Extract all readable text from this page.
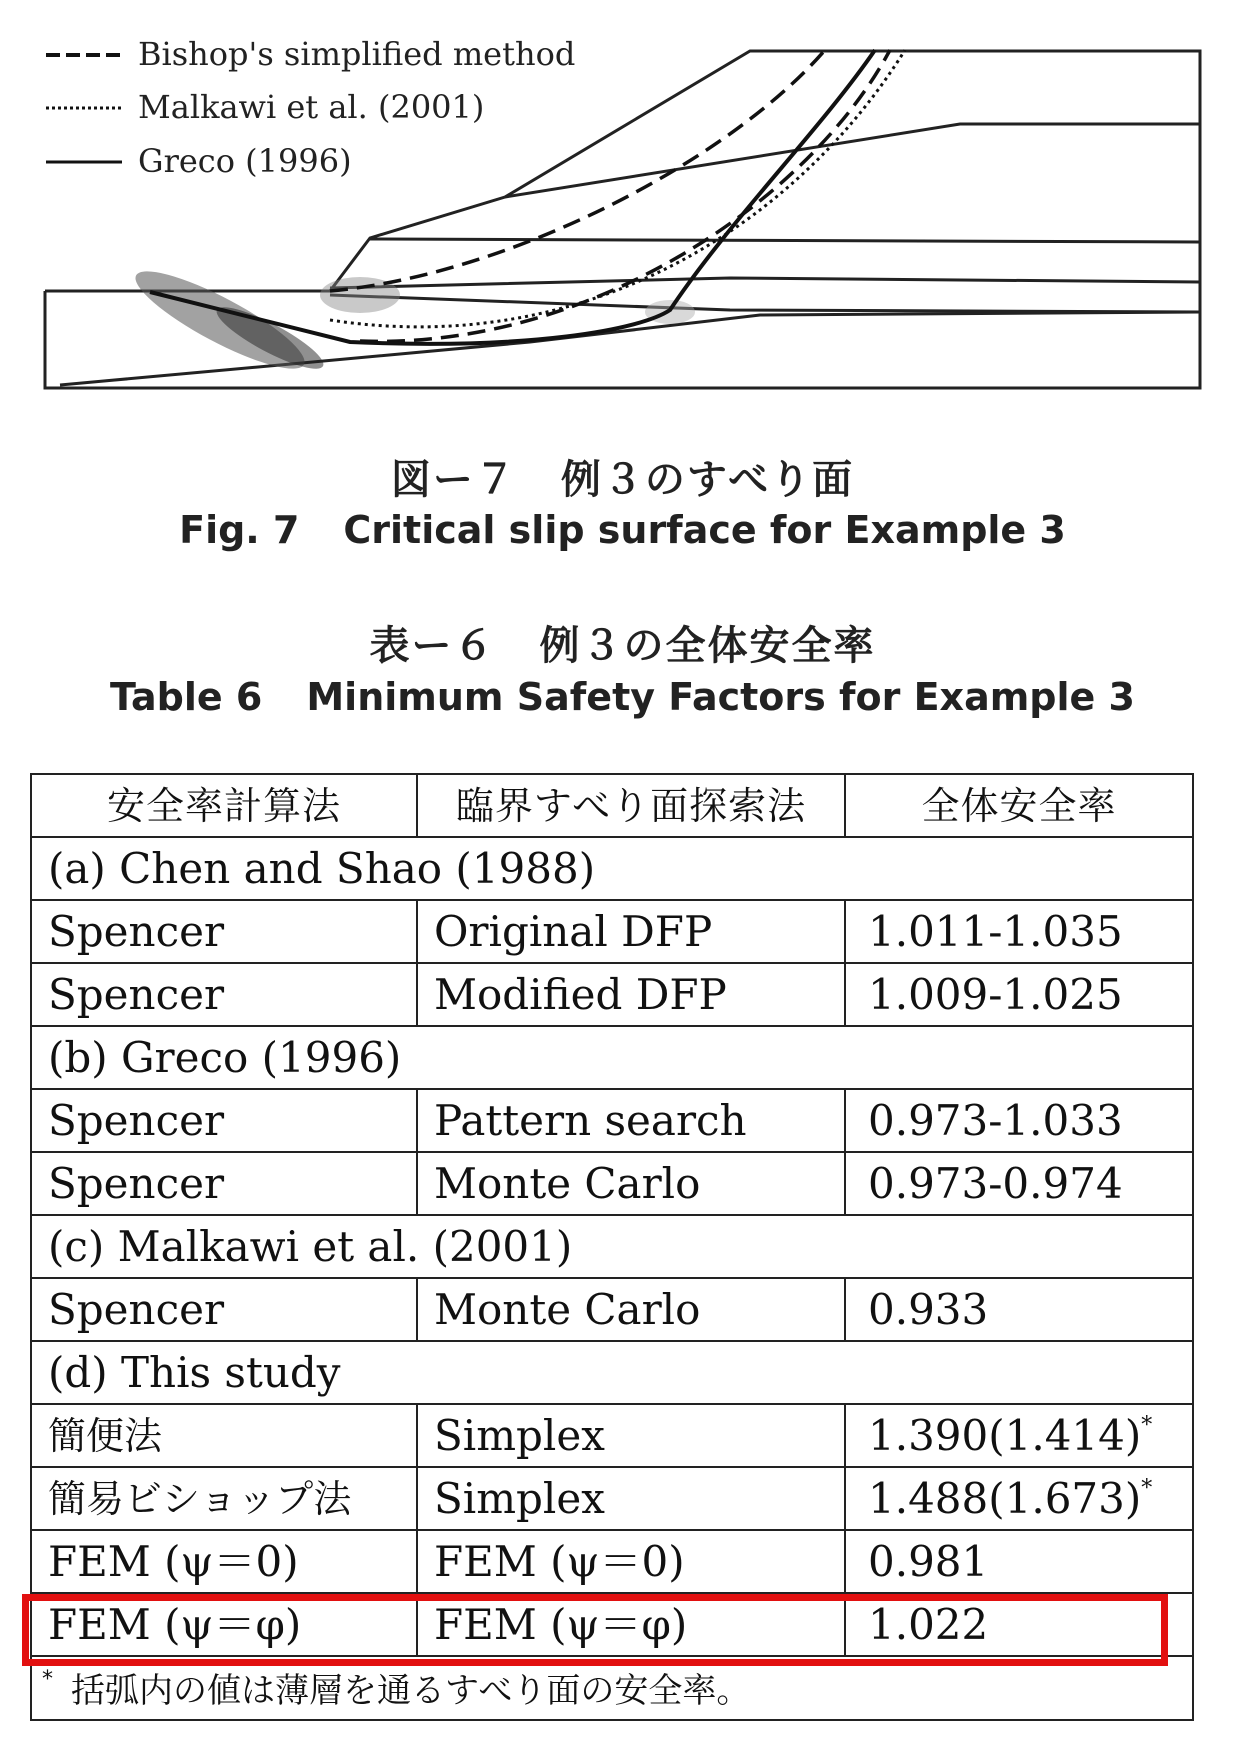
Bishop's simplified method
Malkawi et al. (2001)
Greco (1996)
図ー７ 例３のすべり面
Fig. 7 Critical slip surface for Example 3
表ー６ 例３の全体安全率
Table 6 Minimum Safety Factors for Example 3
安全率計算法	臨界すべり面探索法	全体安全率
(a) Chen and Shao (1988)		
Spencer	Original DFP	1.011-1.035
Spencer	Modified DFP	1.009-1.025
(b) Greco (1996)		
Spencer	Pattern search	0.973-1.033
Spencer	Monte Carlo	0.973-0.974
(c) Malkawi et al. (2001)		
Spencer	Monte Carlo	0.933
(d) This study		
簡便法	Simplex	1.390(1.414)*
簡易ビショップ法	Simplex	1.488(1.673)*
FEM (ψ＝0)	FEM (ψ＝0)	0.981
FEM (ψ＝φ)	FEM (ψ＝φ)	1.022
* 括弧内の値は薄層を通るすべり面の安全率。		
